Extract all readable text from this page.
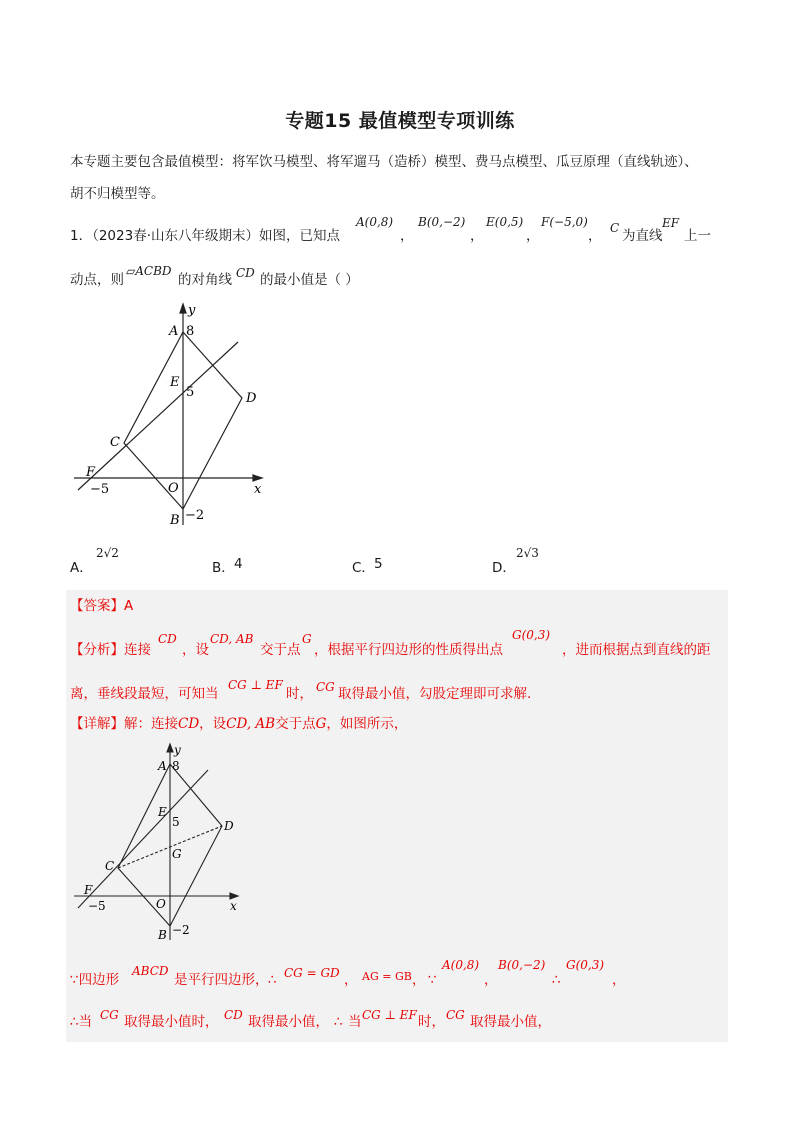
专题15 最值模型专项训练
本专题主要包含最值模型：将军饮马模型、将军遛马（造桥）模型、费马点模型、瓜豆原理（直线轨迹）、
胡不归模型等。
1．（2023春·山东八年级期末）如图，已知点
A(0,8)
，
B(0,−2)
，
E(0,5)
，
F(−5,0)
， C 为直线
EF
上一
动点，则
▱ACBD
的对角线 CD 的最小值是（ ）
y
A 8
E
5	D
C
F
−5	O	x
B −2
A．
2√2
B． 4	C． 5	D．
2√3
【答案】A
【分析】连接
CD
，设
CD, AB
交于点
G
，根据平行四边形的性质得出点
G(0,3)
，进而根据点到直线的距
离，垂线段最短，可知当
CG ⊥ EF
时， CG 取得最小值，勾股定理即可求解.
【详解】解：连接CD，设CD, AB交于点G，如图所示，
y
A 8
E
5	D
G
C
F
−5	O	x
B −2
∵四边形
ABCD
是平行四边形， ∴ CG = GD ， AG = GB ， ∵
A(0,8)
，
B(0,−2)
∴
G(0,3)
，
∴当 CG 取得最小值时， CD 取得最小值， ∴ 当 CG ⊥ EF 时， CG 取得最小值，
